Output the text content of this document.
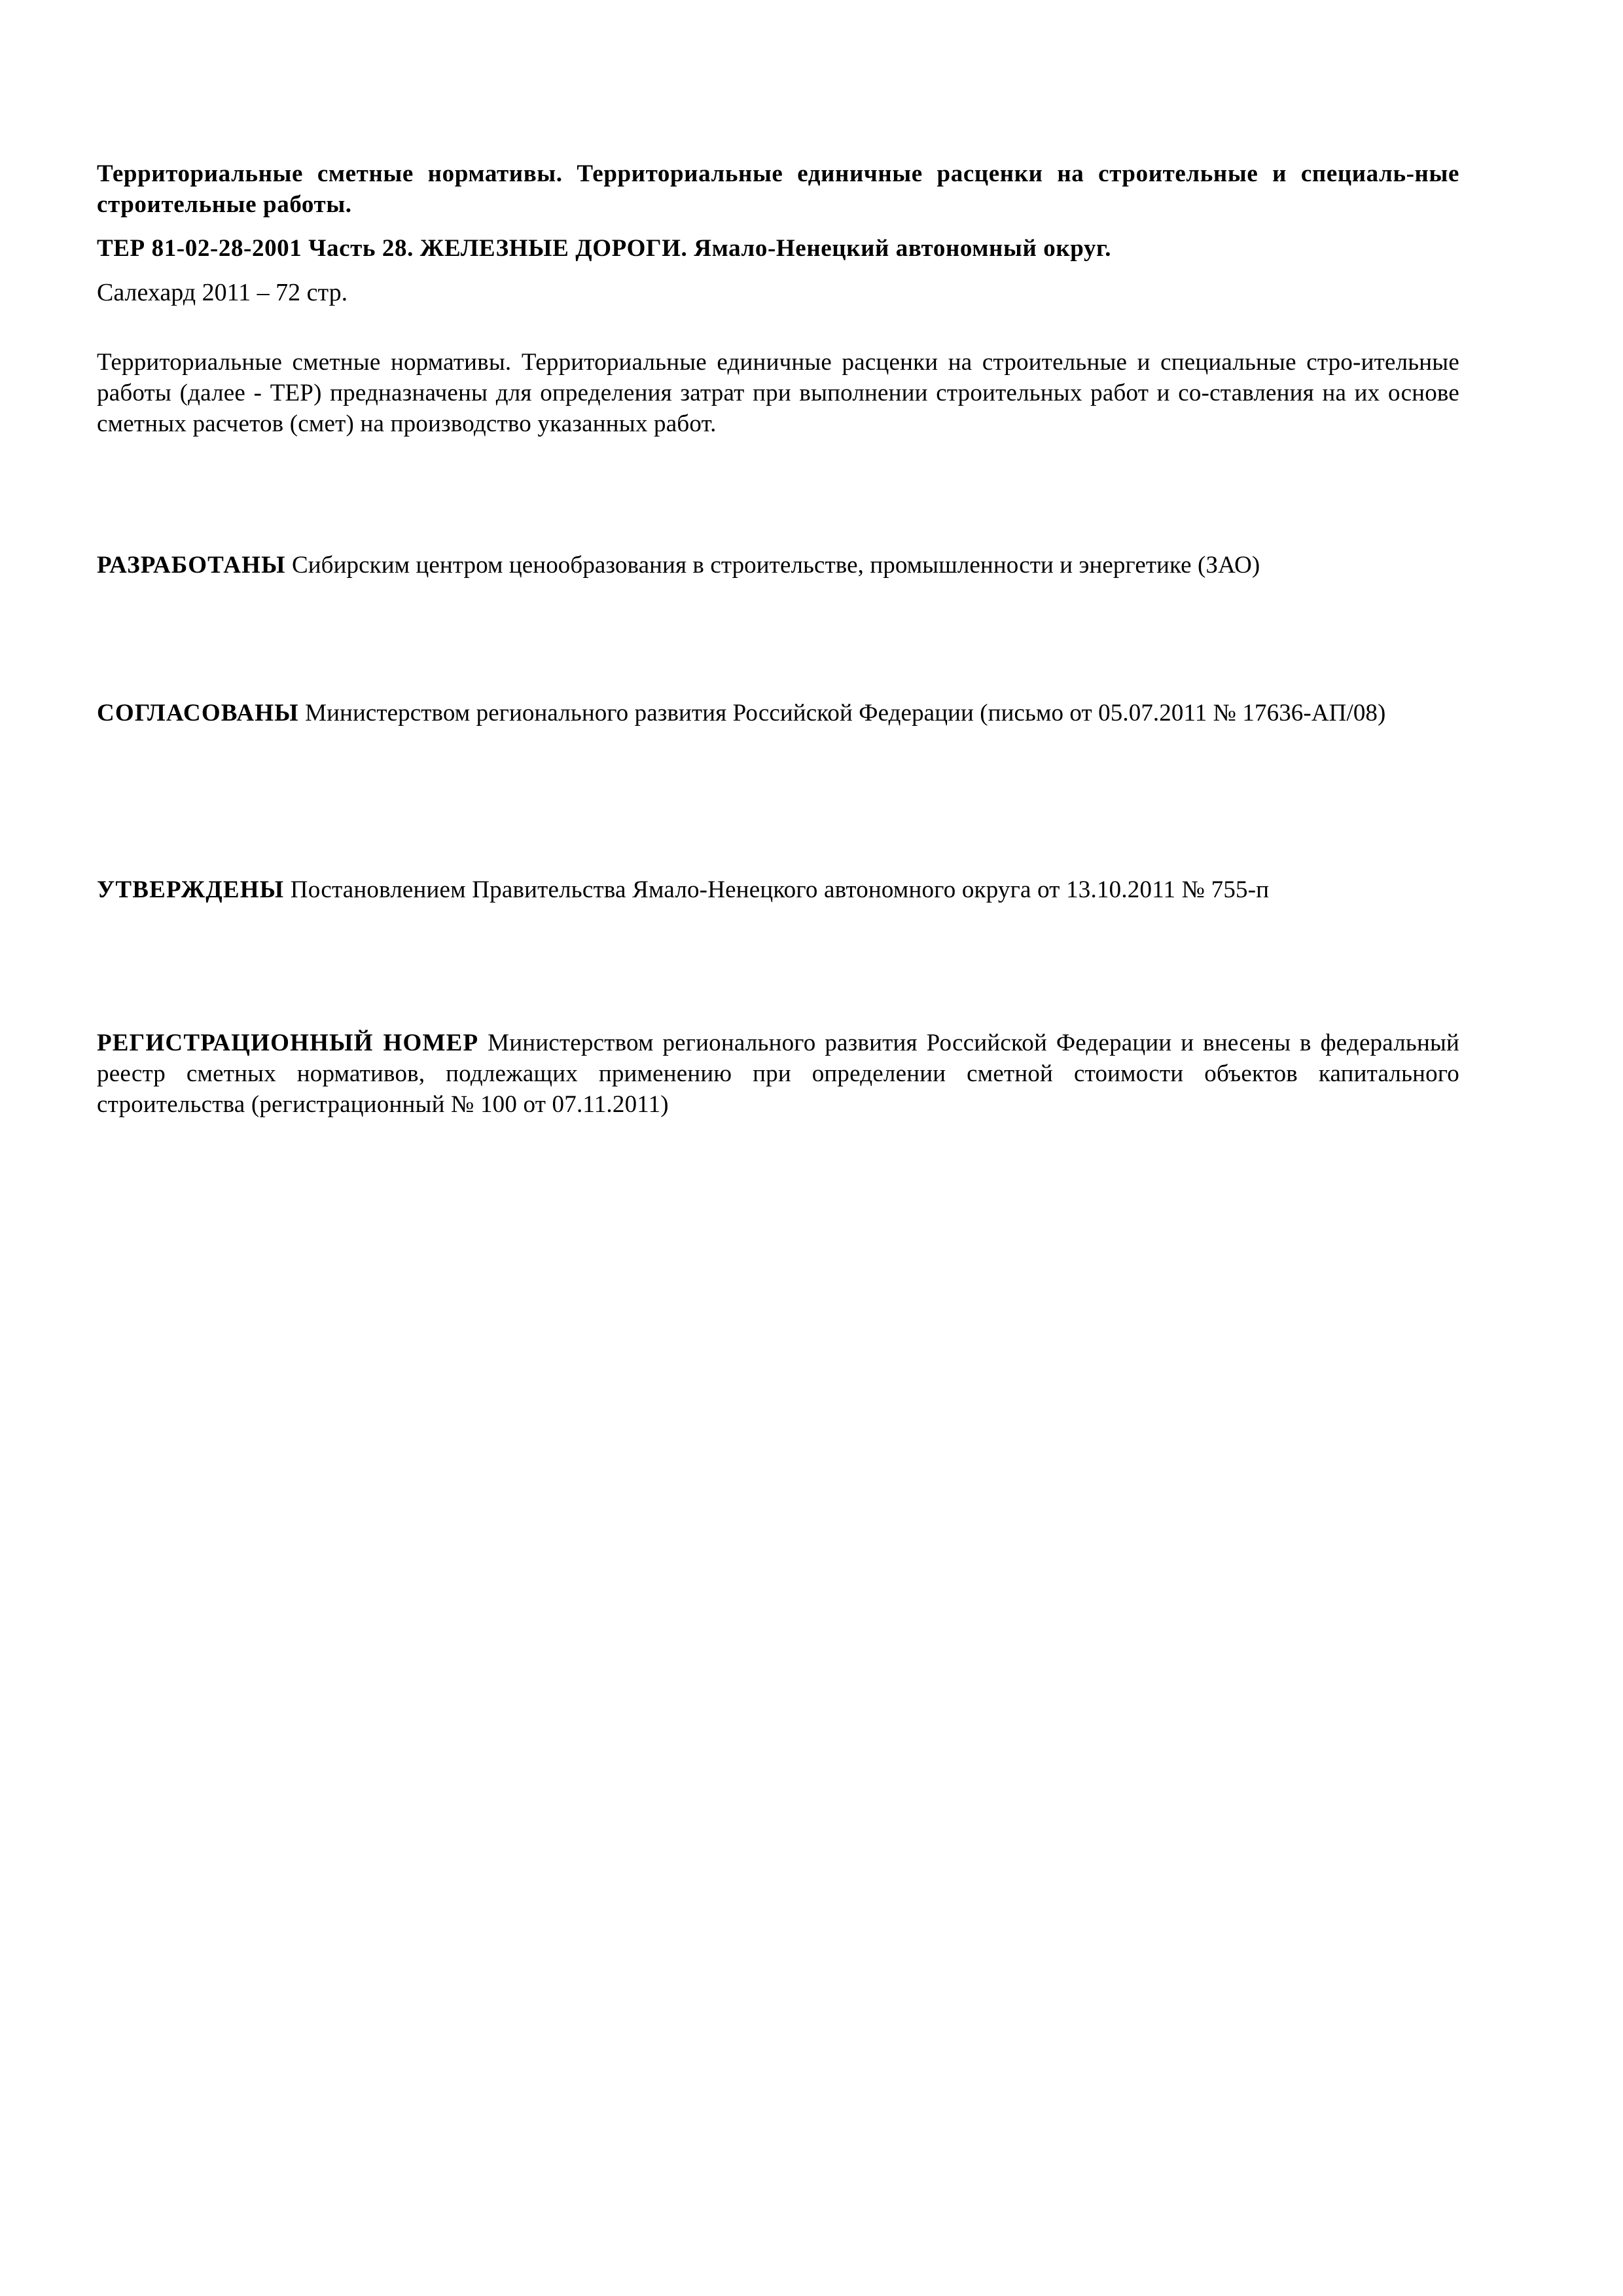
Территориальные сметные нормативы. Территориальные единичные расценки на строительные и специаль-ные строительные работы.

ТЕР 81-02-28-2001 Часть 28. ЖЕЛЕЗНЫЕ ДОРОГИ. Ямало-Ненецкий автономный округ.

Салехард 2011 – 72 стр.

Территориальные сметные нормативы. Территориальные единичные расценки на строительные и специальные стро-ительные работы (далее - ТЕР) предназначены для определения затрат при выполнении строительных работ и со-ставления на их основе сметных расчетов (смет) на производство указанных работ.

РАЗРАБОТАНЫ Сибирским центром ценообразования в строительстве, промышленности и энергетике (ЗАО)

СОГЛАСОВАНЫ Министерством регионального развития Российской Федерации (письмо от 05.07.2011 № 17636-АП/08)

УТВЕРЖДЕНЫ Постановлением Правительства Ямало-Ненецкого автономного округа от 13.10.2011 № 755-п

РЕГИСТРАЦИОННЫЙ НОМЕР Министерством регионального развития Российской Федерации и внесены в федеральный реестр сметных нормативов, подлежащих применению при определении сметной стоимости объектов капитального строительства (регистрационный № 100 от 07.11.2011)
